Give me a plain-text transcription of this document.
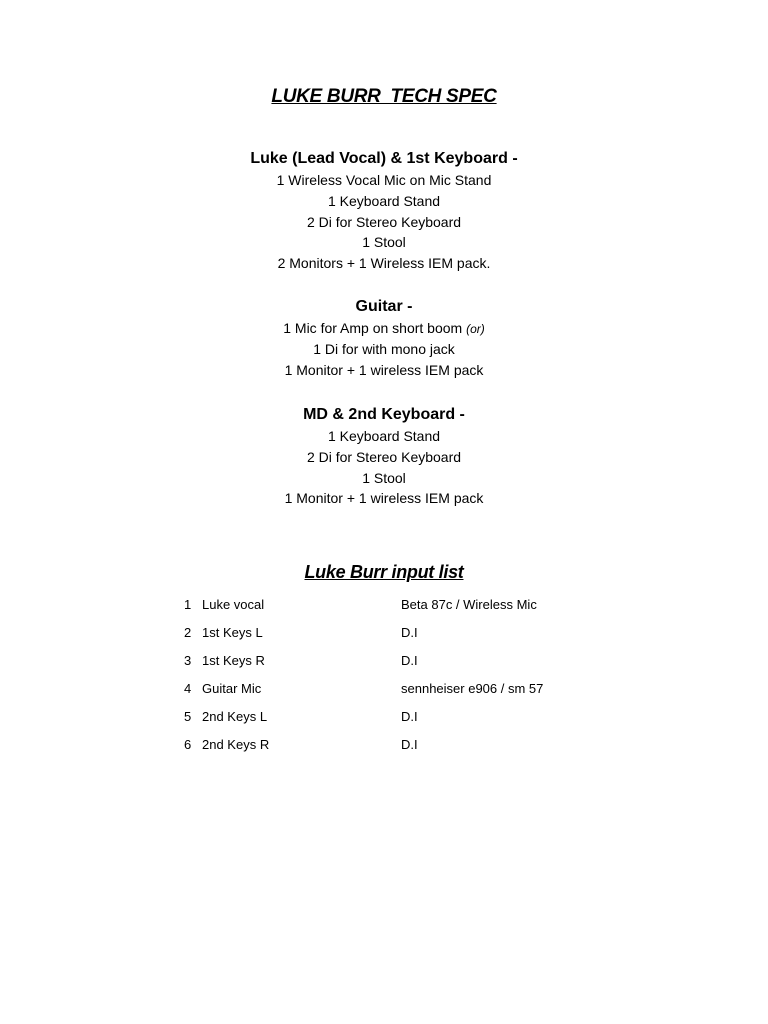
LUKE BURR  TECH SPEC
Luke (Lead Vocal) & 1st Keyboard -
1 Wireless Vocal Mic on Mic Stand
1 Keyboard Stand
2 Di for Stereo Keyboard
1 Stool
2 Monitors + 1 Wireless IEM pack.
Guitar -
1 Mic for Amp on short boom (or)
1 Di for with mono jack
1 Monitor + 1 wireless IEM pack
MD & 2nd Keyboard -
1 Keyboard Stand
2 Di for Stereo Keyboard
1 Stool
1 Monitor + 1 wireless IEM pack
Luke Burr input list
1 Luke vocal	Beta 87c / Wireless Mic
2 1st Keys L	D.I
3 1st Keys R	D.I
4 Guitar Mic	sennheiser e906 / sm 57
5 2nd Keys L	D.I
6 2nd Keys R	D.I
